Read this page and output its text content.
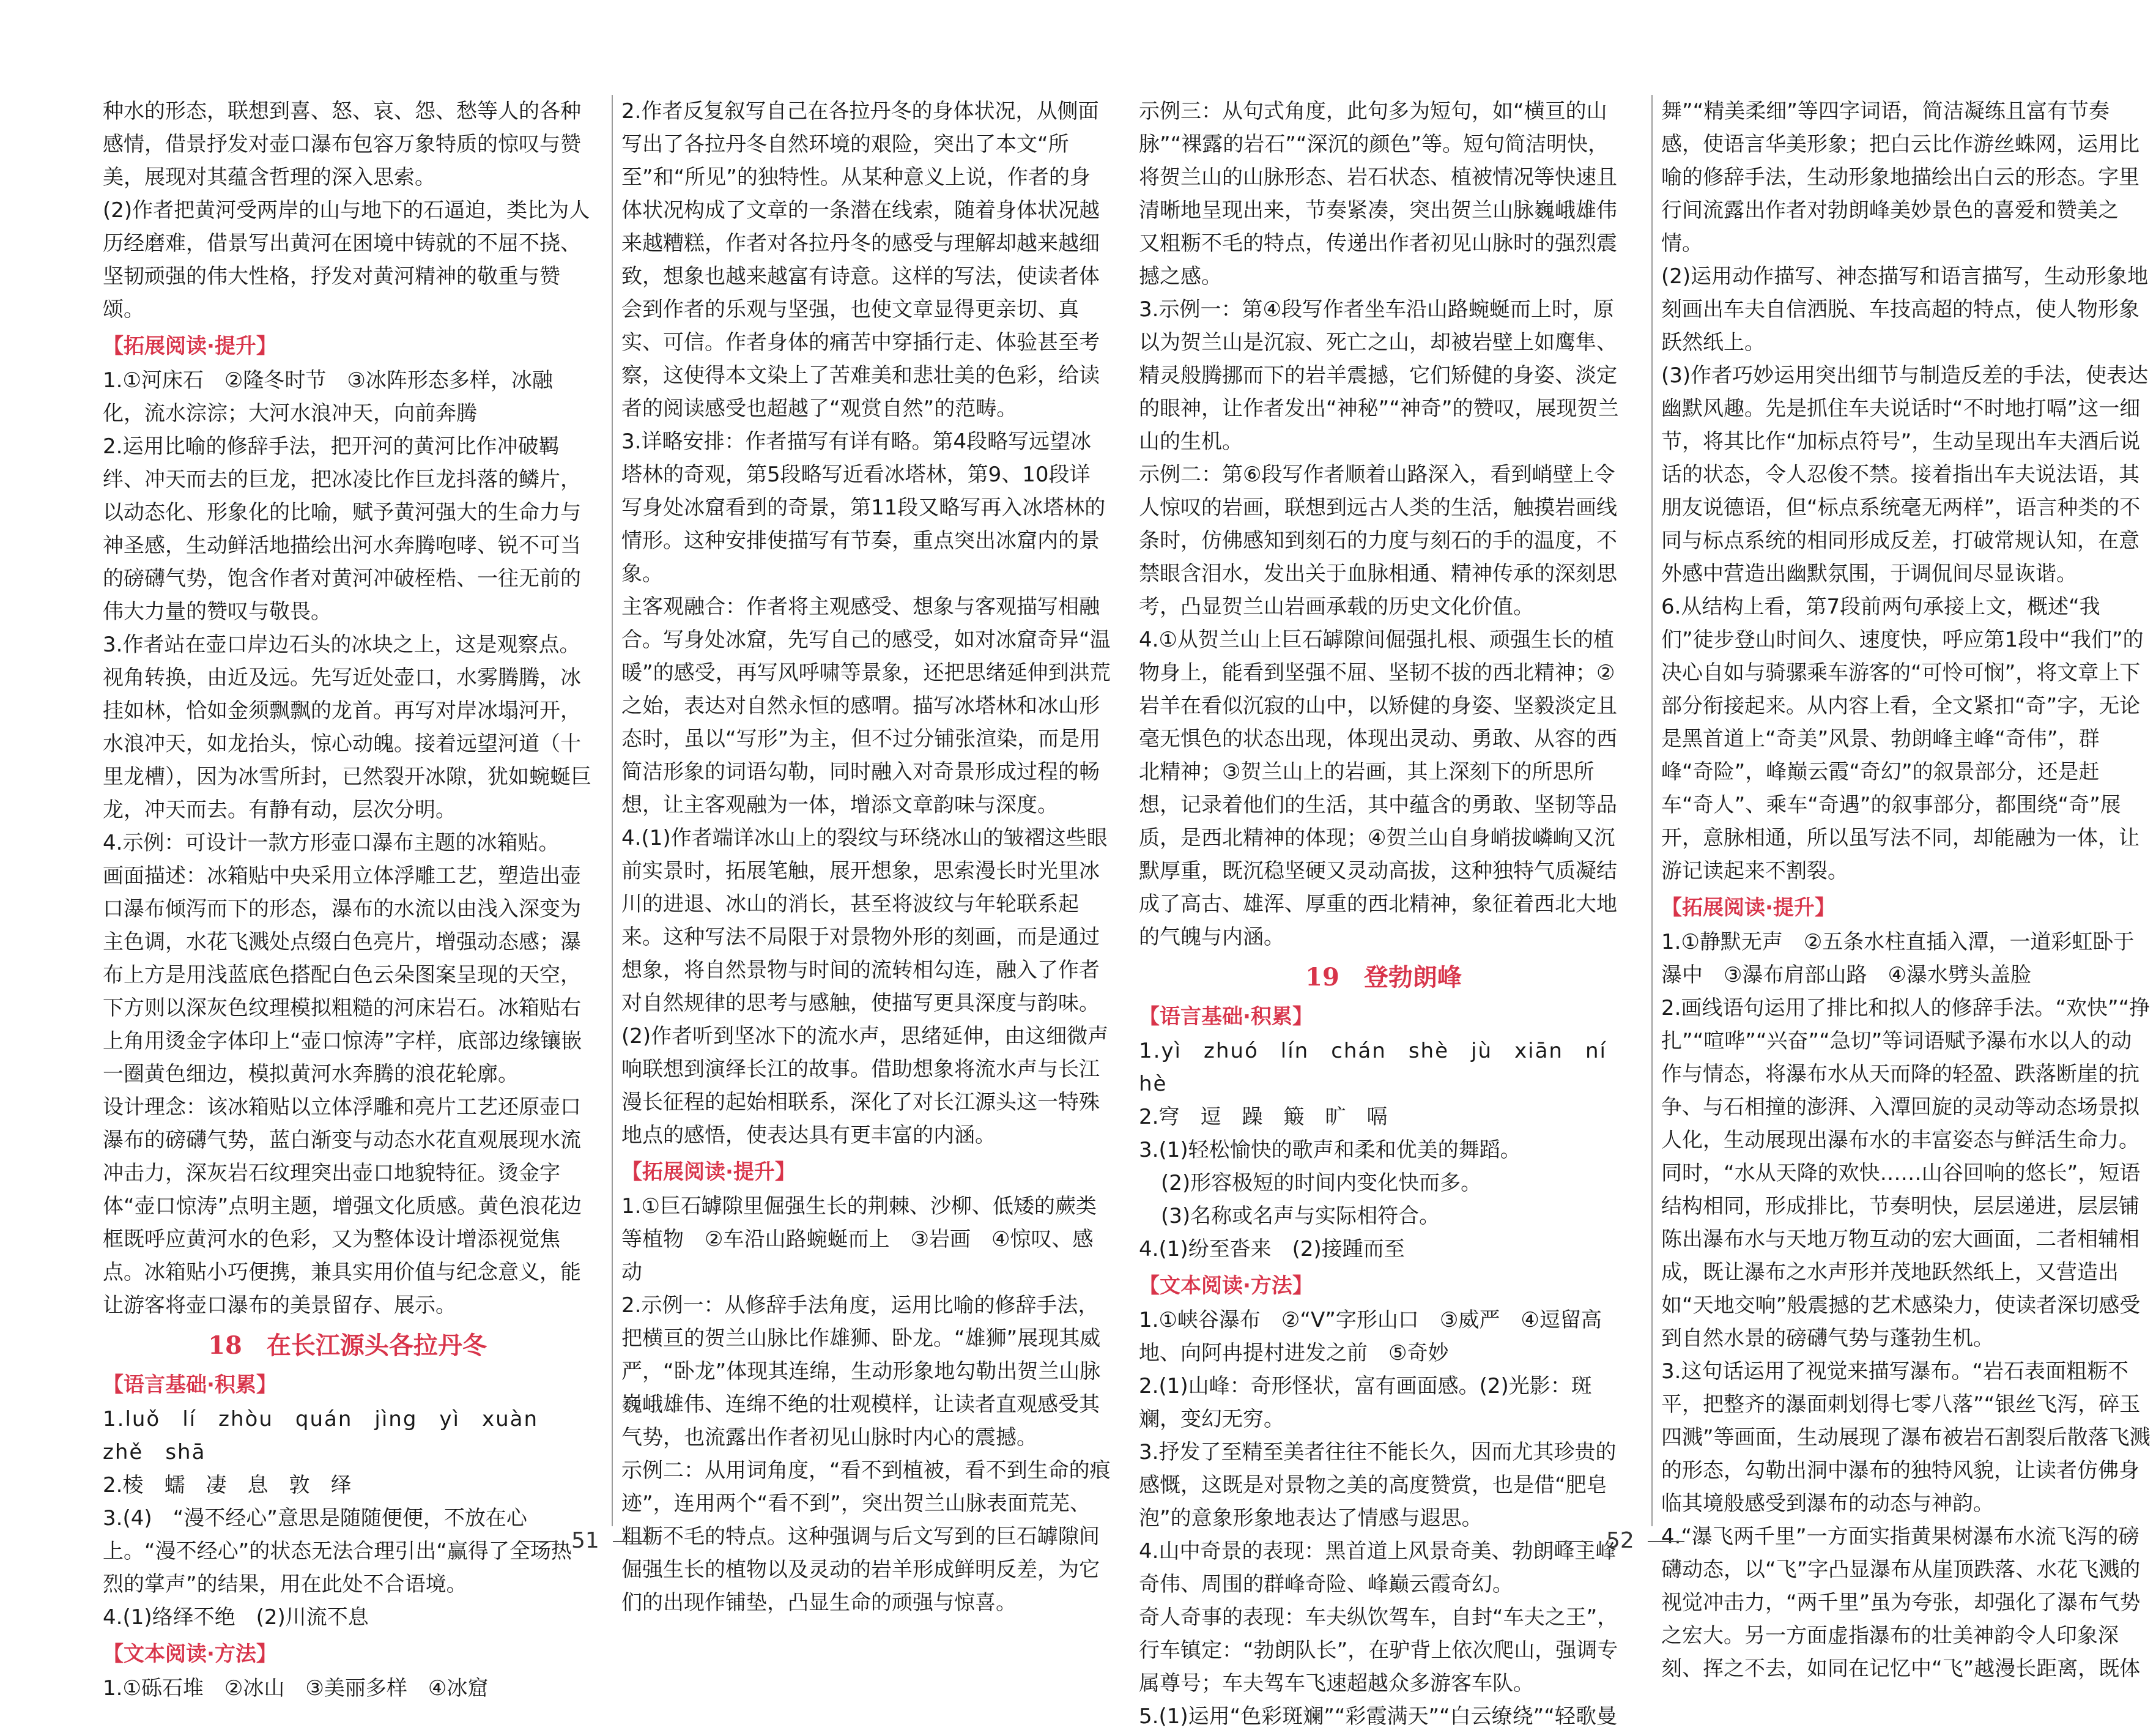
种水的形态，联想到喜、怒、哀、怨、愁等人的各种感情，借景抒发对壶口瀑布包容万象特质的惊叹与赞美，展现对其蕴含哲理的深入思索。
(2)作者把黄河受两岸的山与地下的石逼迫，类比为人历经磨难，借景写出黄河在困境中铸就的不屈不挠、坚韧顽强的伟大性格，抒发对黄河精神的敬重与赞颂。
【拓展阅读·提升】
1.①河床石　②隆冬时节　③冰阵形态多样，冰融化，流水淙淙；大河水浪冲天，向前奔腾
2.运用比喻的修辞手法，把开河的黄河比作冲破羁绊、冲天而去的巨龙，把冰凌比作巨龙抖落的鳞片，以动态化、形象化的比喻，赋予黄河强大的生命力与神圣感，生动鲜活地描绘出河水奔腾咆哮、锐不可当的磅礴气势，饱含作者对黄河冲破桎梏、一往无前的伟大力量的赞叹与敬畏。
3.作者站在壶口岸边石头的冰块之上，这是观察点。视角转换，由近及远。先写近处壶口，水雾腾腾，冰挂如林，恰如金须飘飘的龙首。再写对岸冰塌河开，水浪冲天，如龙抬头，惊心动魄。接着远望河道（十里龙槽），因为冰雪所封，已然裂开冰隙，犹如蜿蜒巨龙，冲天而去。有静有动，层次分明。
4.示例：可设计一款方形壶口瀑布主题的冰箱贴。
画面描述：冰箱贴中央采用立体浮雕工艺，塑造出壶口瀑布倾泻而下的形态，瀑布的水流以由浅入深变为主色调，水花飞溅处点缀白色亮片，增强动态感；瀑布上方是用浅蓝底色搭配白色云朵图案呈现的天空，下方则以深灰色纹理模拟粗糙的河床岩石。冰箱贴右上角用烫金字体印上“壶口惊涛”字样，底部边缘镶嵌一圈黄色细边，模拟黄河水奔腾的浪花轮廓。
设计理念：该冰箱贴以立体浮雕和亮片工艺还原壶口瀑布的磅礴气势，蓝白渐变与动态水花直观展现水流冲击力，深灰岩石纹理突出壶口地貌特征。烫金字体“壶口惊涛”点明主题，增强文化质感。黄色浪花边框既呼应黄河水的色彩，又为整体设计增添视觉焦点。冰箱贴小巧便携，兼具实用价值与纪念意义，能让游客将壶口瀑布的美景留存、展示。
18　在长江源头各拉丹冬
【语言基础·积累】
1.luǒ　lí　zhòu　quán　jìng　yì　xuàn　zhě　shā
2.棱　蠕　凄　息　敦　绎
3.(4)　“漫不经心”意思是随随便便，不放在心上。“漫不经心”的状态无法合理引出“赢得了全场热烈的掌声”的结果，用在此处不合语境。
4.(1)络绎不绝　(2)川流不息
【文本阅读·方法】
1.①砾石堆　②冰山　③美丽多样　④冰窟
2.作者反复叙写自己在各拉丹冬的身体状况，从侧面写出了各拉丹冬自然环境的艰险，突出了本文“所至”和“所见”的独特性。从某种意义上说，作者的身体状况构成了文章的一条潜在线索，随着身体状况越来越糟糕，作者对各拉丹冬的感受与理解却越来越细致，想象也越来越富有诗意。这样的写法，使读者体会到作者的乐观与坚强，也使文章显得更亲切、真实、可信。作者身体的痛苦中穿插行走、体验甚至考察，这使得本文染上了苦难美和悲壮美的色彩，给读者的阅读感受也超越了“观赏自然”的范畴。
3.详略安排：作者描写有详有略。第4段略写远望冰塔林的奇观，第5段略写近看冰塔林，第9、10段详写身处冰窟看到的奇景，第11段又略写再入冰塔林的情形。这种安排使描写有节奏，重点突出冰窟内的景象。
主客观融合：作者将主观感受、想象与客观描写相融合。写身处冰窟，先写自己的感受，如对冰窟奇异“温暖”的感受，再写风呼啸等景象，还把思绪延伸到洪荒之始，表达对自然永恒的感喟。描写冰塔林和冰山形态时，虽以“写形”为主，但不过分铺张渲染，而是用简洁形象的词语勾勒，同时融入对奇景形成过程的畅想，让主客观融为一体，增添文章韵味与深度。
4.(1)作者端详冰山上的裂纹与环绕冰山的皱褶这些眼前实景时，拓展笔触，展开想象，思索漫长时光里冰川的进退、冰山的消长，甚至将波纹与年轮联系起来。这种写法不局限于对景物外形的刻画，而是通过想象，将自然景物与时间的流转相勾连，融入了作者对自然规律的思考与感触，使描写更具深度与韵味。
(2)作者听到坚冰下的流水声，思绪延伸，由这细微声响联想到演绎长江的故事。借助想象将流水声与长江漫长征程的起始相联系，深化了对长江源头这一特殊地点的感悟，使表达具有更丰富的内涵。
【拓展阅读·提升】
1.①巨石罅隙里倔强生长的荆棘、沙柳、低矮的蕨类等植物　②车沿山路蜿蜒而上　③岩画　④惊叹、感动
2.示例一：从修辞手法角度，运用比喻的修辞手法，把横亘的贺兰山脉比作雄狮、卧龙。“雄狮”展现其威严，“卧龙”体现其连绵，生动形象地勾勒出贺兰山脉巍峨雄伟、连绵不绝的壮观模样，让读者直观感受其气势，也流露出作者初见山脉时内心的震撼。
示例二：从用词角度，“看不到植被，看不到生命的痕迹”，连用两个“看不到”，突出贺兰山脉表面荒芜、粗粝不毛的特点。这种强调与后文写到的巨石罅隙间倔强生长的植物以及灵动的岩羊形成鲜明反差，为它们的出现作铺垫，凸显生命的顽强与惊喜。
51
示例三：从句式角度，此句多为短句，如“横亘的山脉”“裸露的岩石”“深沉的颜色”等。短句简洁明快，将贺兰山的山脉形态、岩石状态、植被情况等快速且清晰地呈现出来，节奏紧凑，突出贺兰山脉巍峨雄伟又粗粝不毛的特点，传递出作者初见山脉时的强烈震撼之感。
3.示例一：第④段写作者坐车沿山路蜿蜒而上时，原以为贺兰山是沉寂、死亡之山，却被岩壁上如鹰隼、精灵般腾挪而下的岩羊震撼，它们矫健的身姿、淡定的眼神，让作者发出“神秘”“神奇”的赞叹，展现贺兰山的生机。
示例二：第⑥段写作者顺着山路深入，看到峭壁上令人惊叹的岩画，联想到远古人类的生活，触摸岩画线条时，仿佛感知到刻石的力度与刻石的手的温度，不禁眼含泪水，发出关于血脉相通、精神传承的深刻思考，凸显贺兰山岩画承载的历史文化价值。
4.①从贺兰山上巨石罅隙间倔强扎根、顽强生长的植物身上，能看到坚强不屈、坚韧不拔的西北精神；②岩羊在看似沉寂的山中，以矫健的身姿、坚毅淡定且毫无惧色的状态出现，体现出灵动、勇敢、从容的西北精神；③贺兰山上的岩画，其上深刻下的所思所想，记录着他们的生活，其中蕴含的勇敢、坚韧等品质，是西北精神的体现；④贺兰山自身峭拔嶙峋又沉默厚重，既沉稳坚硬又灵动高拔，这种独特气质凝结成了高古、雄浑、厚重的西北精神，象征着西北大地的气魄与内涵。
19　登勃朗峰
【语言基础·积累】
1.yì　zhuó　lín　chán　shè　jù　xiān　ní　hè
2.穹　逗　躁　簸　旷　嗝
3.(1)轻松愉快的歌声和柔和优美的舞蹈。
(2)形容极短的时间内变化快而多。
(3)名称或名声与实际相符合。
4.(1)纷至沓来　(2)接踵而至
【文本阅读·方法】
1.①峡谷瀑布　②“V”字形山口　③威严　④逗留高地、向阿冉提村进发之前　⑤奇妙
2.(1)山峰：奇形怪状，富有画面感。(2)光影：斑斓，变幻无穷。
3.抒发了至精至美者往往不能长久，因而尤其珍贵的感慨，这既是对景物之美的高度赞赏，也是借“肥皂泡”的意象形象地表达了情感与遐思。
4.山中奇景的表现：黑首道上风景奇美、勃朗峰主峰奇伟、周围的群峰奇险、峰巅云霞奇幻。
奇人奇事的表现：车夫纵饮驾车，自封“车夫之王”，行车镇定：“勃朗队长”，在驴背上依次爬山，强调专属尊号；车夫驾车飞速超越众多游客车队。
5.(1)运用“色彩斑斓”“彩霞满天”“白云缭绕”“轻歌曼
舞”“精美柔细”等四字词语，简洁凝练且富有节奏感，使语言华美形象；把白云比作游丝蛛网，运用比喻的修辞手法，生动形象地描绘出白云的形态。字里行间流露出作者对勃朗峰美妙景色的喜爱和赞美之情。
(2)运用动作描写、神态描写和语言描写，生动形象地刻画出车夫自信洒脱、车技高超的特点，使人物形象跃然纸上。
(3)作者巧妙运用突出细节与制造反差的手法，使表达幽默风趣。先是抓住车夫说话时“不时地打嗝”这一细节，将其比作“加标点符号”，生动呈现出车夫酒后说话的状态，令人忍俊不禁。接着指出车夫说法语，其朋友说德语，但“标点系统毫无两样”，语言种类的不同与标点系统的相同形成反差，打破常规认知，在意外感中营造出幽默氛围，于调侃间尽显诙谐。
6.从结构上看，第7段前两句承接上文，概述“我们”徒步登山时间久、速度快，呼应第1段中“我们”的决心自如与骑骡乘车游客的“可怜可悯”，将文章上下部分衔接起来。从内容上看，全文紧扣“奇”字，无论是黑首道上“奇美”风景、勃朗峰主峰“奇伟”，群峰“奇险”，峰巅云霞“奇幻”的叙景部分，还是赶车“奇人”、乘车“奇遇”的叙事部分，都围绕“奇”展开，意脉相通，所以虽写法不同，却能融为一体，让游记读起来不割裂。
【拓展阅读·提升】
1.①静默无声　②五条水柱直插入潭，一道彩虹卧于瀑中　③瀑布肩部山路　④瀑水劈头盖脸
2.画线语句运用了排比和拟人的修辞手法。“欢快”“挣扎”“喧哗”“兴奋”“急切”等词语赋予瀑布水以人的动作与情态，将瀑布水从天而降的轻盈、跌落断崖的抗争、与石相撞的澎湃、入潭回旋的灵动等动态场景拟人化，生动展现出瀑布水的丰富姿态与鲜活生命力。同时，“水从天降的欢快……山谷回响的悠长”，短语结构相同，形成排比，节奏明快，层层递进，层层铺陈出瀑布水与天地万物互动的宏大画面，二者相辅相成，既让瀑布之水声形并茂地跃然纸上，又营造出如“天地交响”般震撼的艺术感染力，使读者深切感受到自然水景的磅礴气势与蓬勃生机。
3.这句话运用了视觉来描写瀑布。“岩石表面粗粝不平，把整齐的瀑面刺划得七零八落”“银丝飞泻，碎玉四溅”等画面，生动展现了瀑布被岩石割裂后散落飞溅的形态，勾勒出洞中瀑布的独特风貌，让读者仿佛身临其境般感受到瀑布的动态与神韵。
4.“瀑飞两千里”一方面实指黄果树瀑布水流飞泻的磅礴动态，以“飞”字凸显瀑布从崖顶跌落、水花飞溅的视觉冲击力，“两千里”虽为夸张，却强化了瀑布气势之宏大。另一方面虚指瀑布的壮美神韵令人印象深刻、挥之不去，如同在记忆中“飞”越漫长距离，既体
52
